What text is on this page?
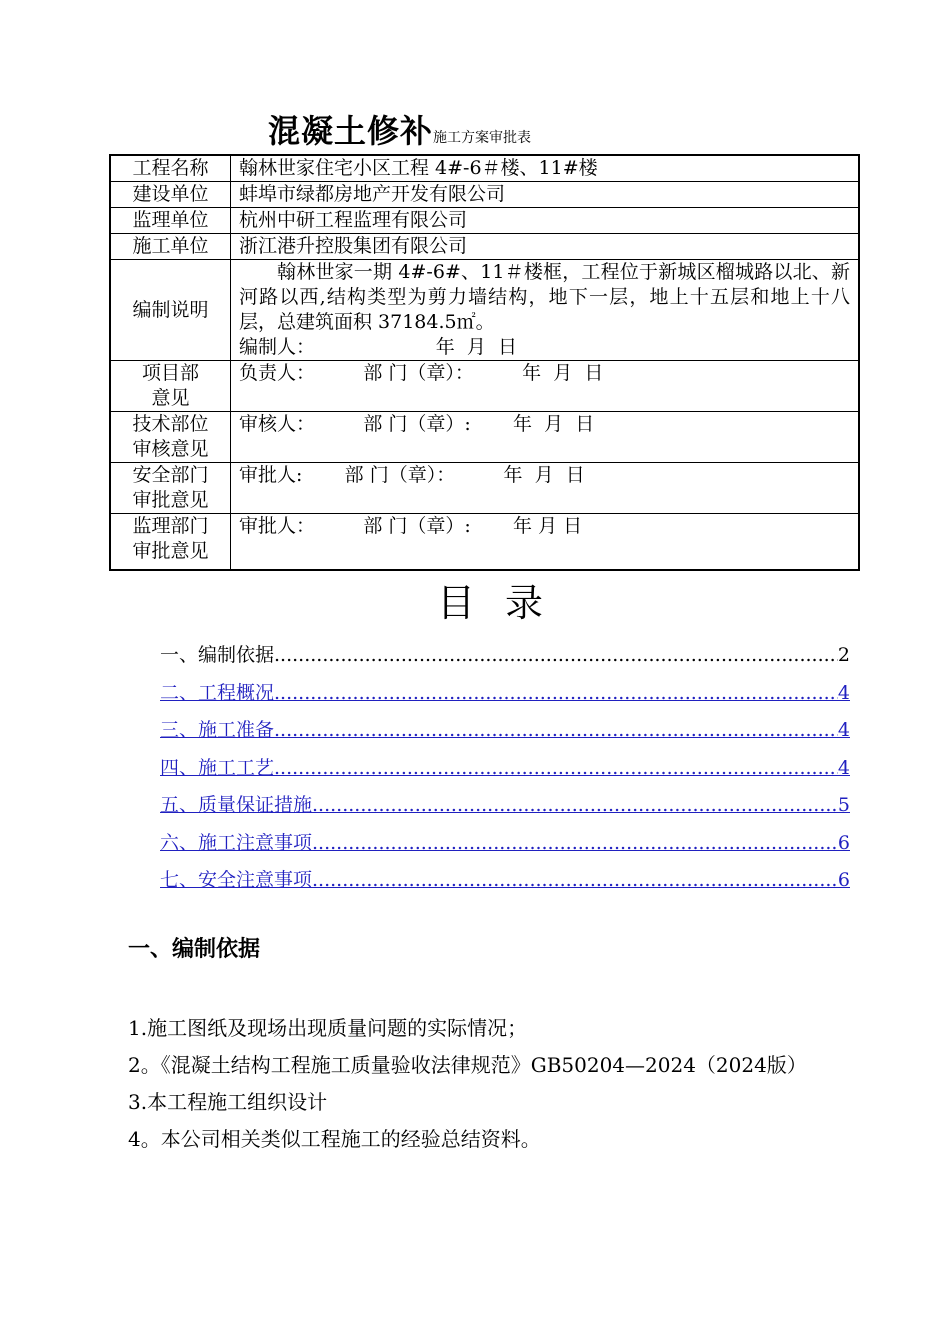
混凝土修补施工方案审批表
工程名称	翰林世家住宅小区工程 4#-6＃楼、11#楼
建设单位	蚌埠市绿都房地产开发有限公司
监理单位	杭州中研工程监理有限公司
施工单位	浙江港升控股集团有限公司
编制说明	翰林世家一期 4#-6#、11＃楼框，工程位于新城区榴城路以北、新河路以西,结构类型为剪力墙结构，地下一层，地上十五层和地上十八层，总建筑面积 37184.5㎡。
编制人：                    年  月  日

项目部
意见	负责人：        部 门（章）：        年  月  日
技术部位
审核意见	审核人：        部 门（章）:       年  月  日
安全部门
审批意见	审批人:       部 门（章）：        年  月  日
监理部门
审批意见	审批人：        部 门（章）:       年 月 日
目录
一、编制依据 .....	2
二、工程概况 .....	4
三、施工准备 .....	4
四、施工工艺 .....	4
五、质量保证措施 .....	5
六、施工注意事项 .....	6
七、安全注意事项 .....	6
一、编制依据

1.施工图纸及现场出现质量问题的实际情况；

2。《混凝土结构工程施工质量验收法律规范》GB50204—2024（2024版）

3.本工程施工组织设计

4。本公司相关类似工程施工的经验总结资料。
